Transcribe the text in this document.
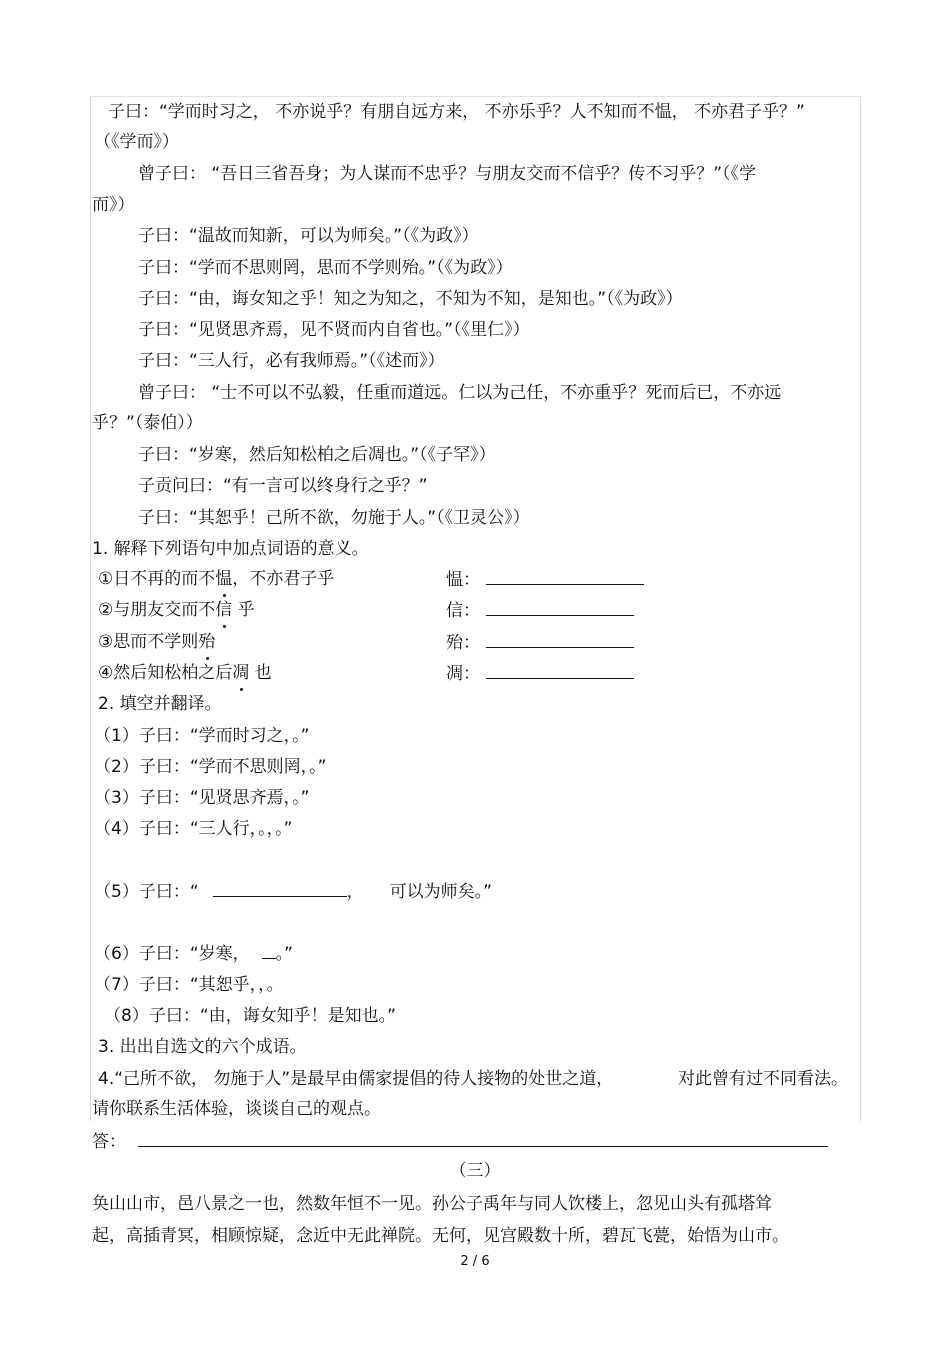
子曰：“学而时习之， 不亦说乎？有朋自远方来， 不亦乐乎？人不知而不愠， 不亦君子乎？”
（《学而》）
曾子曰： “吾日三省吾身；为人谋而不忠乎？与朋友交而不信乎？传不习乎？”（《学
而》）
子曰：“温故而知新，可以为师矣。”（《为政》）
子曰：“学而不思则罔，思而不学则殆。”（《为政》）
子曰：“由，诲女知之乎！知之为知之，不知为不知，是知也。”（《为政》）
子曰：“见贤思齐焉，见不贤而内自省也。”（《里仁》）
子曰：“三人行，必有我师焉。”（《述而》）
曾子曰： “士不可以不弘毅，任重而道远。仁以为己任，不亦重乎？死而后已，不亦远
乎？”（泰伯））
子曰：“岁寒，然后知松柏之后凋也。”（《子罕》）
子贡问曰：“有一言可以终身行之乎？”
子曰：“其恕乎！己所不欲，勿施于人。”（《卫灵公》）
1. 解释下列语句中加点词语的意义。
①日不再的而不愠，不亦君子乎	愠：
②与朋友交而不信 乎	信：
③思而不学则殆	殆：
④然后知松柏之后凋 也	凋：
2. 填空并翻译。
（1）子曰：“学而时习之，。”
（2）子曰：“学而不思则罔，。”
（3）子曰：“见贤思齐焉，。”
（4）子曰：“三人行，。，。”
（5）子曰：“	， 可以为师矣。”
（6）子曰：“岁寒， 。”
（7）子曰：“其恕乎，，。
（8）子曰：“由，诲女知乎！是知也。”
3. 出出自选文的六个成语。
4.“己所不欲， 勿施于人”是最早由儒家提倡的待人接物的处世之道，	对此曾有过不同看法。
请你联系生活体验，谈谈自己的观点。
答：
（三）
奂山山市，邑八景之一也，然数年恒不一见。孙公子禹年与同人饮楼上，忽见山头有孤塔耸
起，高插青冥，相顾惊疑，念近中无此禅院。无何，见宫殿数十所，碧瓦飞甍，始悟为山市。
2 / 6
